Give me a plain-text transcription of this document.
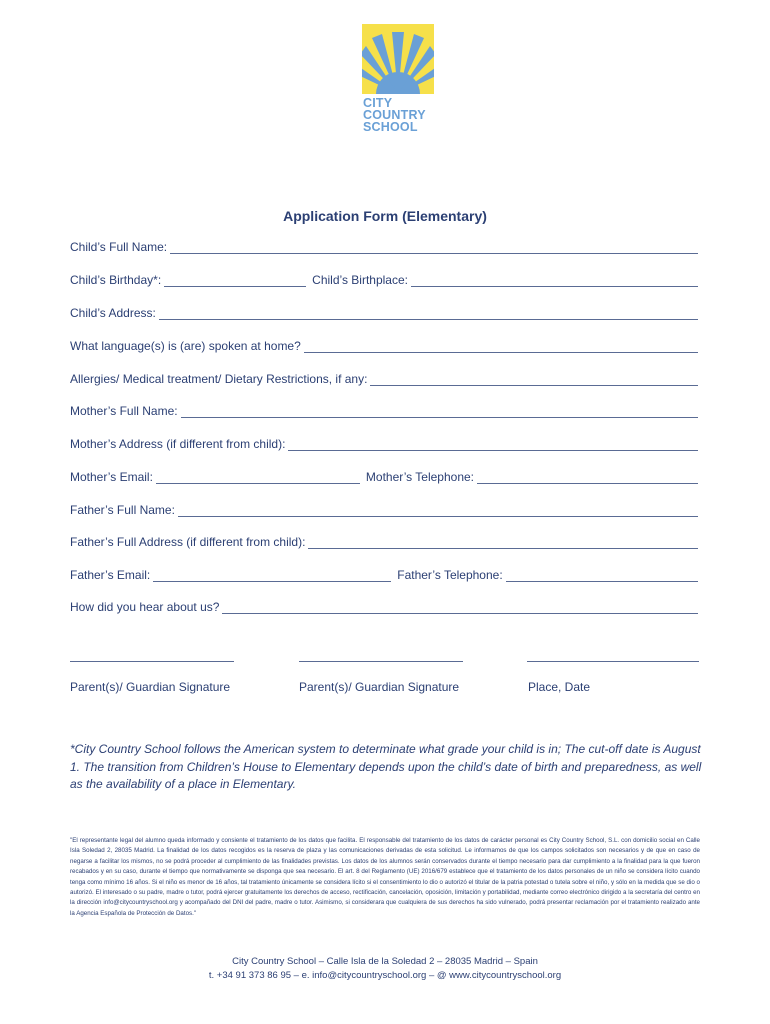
CITY
COUNTRY
SCHOOL
Application Form (Elementary)
Child’s Full Name:
Child’s Birthday*:	Child’s Birthplace:
Child’s Address:
What language(s) is (are) spoken at home?
Allergies/ Medical treatment/ Dietary Restrictions, if any:
Mother’s Full Name:
Mother’s Address (if different from child):
Mother’s Email:	Mother’s Telephone:
Father’s Full Name:
Father’s Full Address (if different from child):
Father’s Email:	Father’s Telephone:
How did you hear about us?
Parent(s)/ Guardian Signature	Parent(s)/ Guardian Signature	Place, Date
*City Country School follows the American system to determinate what grade your child is in; The cut-off date is August 1. The transition from Children’s House to Elementary depends upon the child’s date of birth and preparedness, as well as the availability of a place in Elementary.
"El representante legal del alumno queda informado y consiente el tratamiento de los datos que facilita. El responsable del tratamiento de los datos de carácter personal es City Country School, S.L. con domicilio social en Calle Isla Soledad 2, 28035 Madrid. La finalidad de los datos recogidos es la reserva de plaza y las comunicaciones derivadas de esta solicitud. Le informamos de que los campos solicitados son necesarios y de que en caso de negarse a facilitar los mismos, no se podrá proceder al cumplimiento de las finalidades previstas. Los datos de los alumnos serán conservados durante el tiempo necesario para dar cumplimiento a la finalidad para la que fueron recabados y en su caso, durante el tiempo que normativamente se disponga que sea necesario. El art. 8 del Reglamento (UE) 2016/679 establece que el tratamiento de los datos personales de un niño se considera lícito cuando tenga como mínimo 16 años. Si el niño es menor de 16 años, tal tratamiento únicamente se considera lícito si el consentimiento lo dio o autorizó el titular de la patria potestad o tutela sobre el niño, y sólo en la medida que se dio o autorizó. El interesado o su padre, madre o tutor, podrá ejercer gratuitamente los derechos de acceso, rectificación, cancelación, oposición, limitación y portabilidad, mediante correo electrónico dirigido a la secretaría del centro en la dirección info@citycountryschool.org y acompañado del DNI del padre, madre o tutor. Asimismo, si considerara que cualquiera de sus derechos ha sido vulnerado, podrá presentar reclamación por el tratamiento realizado ante la Agencia Española de Protección de Datos."
City Country School – Calle Isla de la Soledad 2 – 28035 Madrid – Spain
t. +34 91 373 86 95 – e. info@citycountryschool.org – @ www.citycountryschool.org
